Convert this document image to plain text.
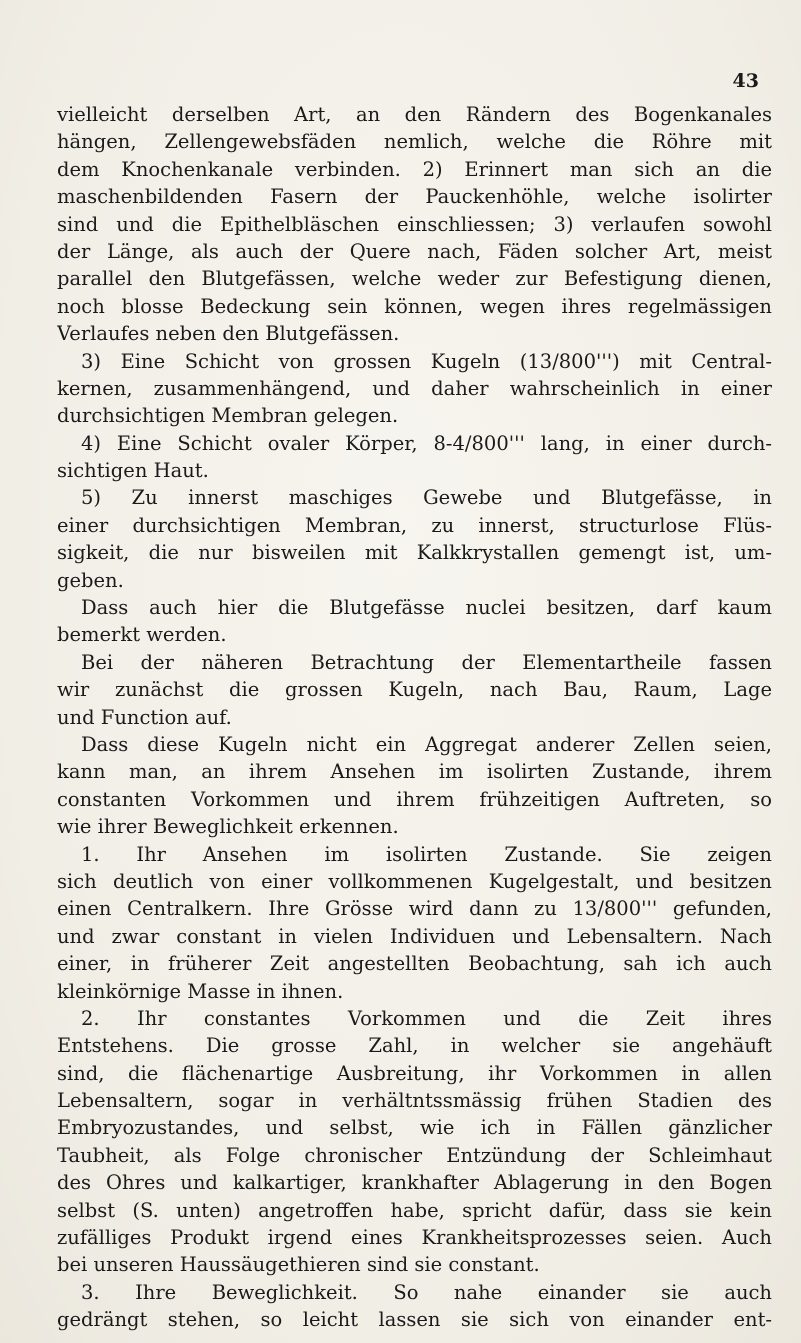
43
vielleicht derselben Art, an den Rändern des Bogenkanales
hängen, Zellengewebsfäden nemlich, welche die Röhre mit
dem Knochenkanale verbinden. 2) Erinnert man sich an die
maschenbildenden Fasern der Pauckenhöhle, welche isolirter
sind und die Epithelbläschen einschliessen; 3) verlaufen sowohl
der Länge, als auch der Quere nach, Fäden solcher Art, meist
parallel den Blutgefässen, welche weder zur Befestigung dienen,
noch blosse Bedeckung sein können, wegen ihres regelmässigen
Verlaufes neben den Blutgefässen.
3) Eine Schicht von grossen Kugeln (13/800''') mit Central-
kernen, zusammenhängend, und daher wahrscheinlich in einer
durchsichtigen Membran gelegen.
4) Eine Schicht ovaler Körper, 8-4/800''' lang, in einer durch-
sichtigen Haut.
5) Zu innerst maschiges Gewebe und Blutgefässe, in
einer durchsichtigen Membran, zu innerst, structurlose Flüs-
sigkeit, die nur bisweilen mit Kalkkrystallen gemengt ist, um-
geben.
Dass auch hier die Blutgefässe nuclei besitzen, darf kaum
bemerkt werden.
Bei der näheren Betrachtung der Elementartheile fassen
wir zunächst die grossen Kugeln, nach Bau, Raum, Lage
und Function auf.
Dass diese Kugeln nicht ein Aggregat anderer Zellen seien,
kann man, an ihrem Ansehen im isolirten Zustande, ihrem
constanten Vorkommen und ihrem frühzeitigen Auftreten, so
wie ihrer Beweglichkeit erkennen.
1. Ihr Ansehen im isolirten Zustande. Sie zeigen
sich deutlich von einer vollkommenen Kugelgestalt, und besitzen
einen Centralkern. Ihre Grösse wird dann zu 13/800''' gefunden,
und zwar constant in vielen Individuen und Lebensaltern. Nach
einer, in früherer Zeit angestellten Beobachtung, sah ich auch
kleinkörnige Masse in ihnen.
2. Ihr constantes Vorkommen und die Zeit ihres
Entstehens. Die grosse Zahl, in welcher sie angehäuft
sind, die flächenartige Ausbreitung, ihr Vorkommen in allen
Lebensaltern, sogar in verhältntssmässig frühen Stadien des
Embryozustandes, und selbst, wie ich in Fällen gänzlicher
Taubheit, als Folge chronischer Entzündung der Schleimhaut
des Ohres und kalkartiger, krankhafter Ablagerung in den Bogen
selbst (S. unten) angetroffen habe, spricht dafür, dass sie kein
zufälliges Produkt irgend eines Krankheitsprozesses seien. Auch
bei unseren Haussäugethieren sind sie constant.
3. Ihre Beweglichkeit. So nahe einander sie auch
gedrängt stehen, so leicht lassen sie sich von einander ent-
